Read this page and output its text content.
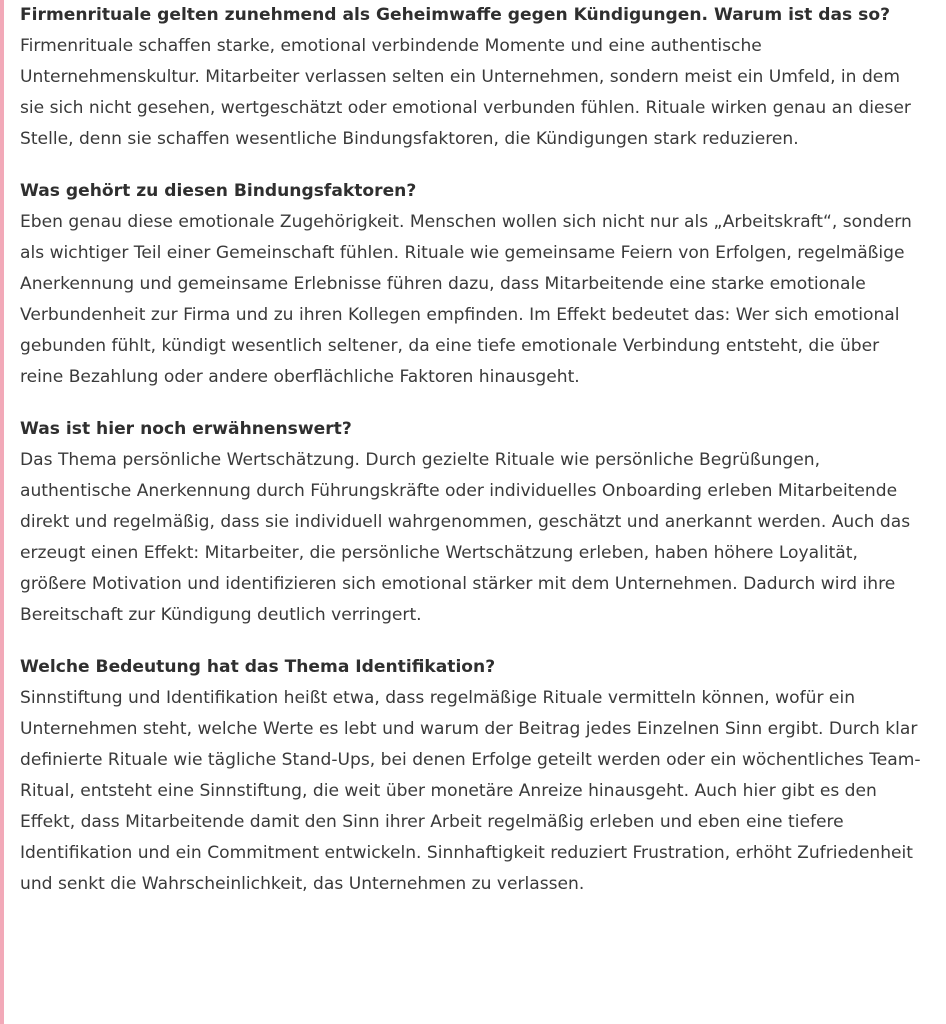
Firmenrituale gelten zunehmend als Geheimwaffe gegen Kündigungen. Warum ist das so?

Firmenrituale schaffen starke, emotional verbindende Momente und eine authentische Unternehmenskultur. Mitarbeiter verlassen selten ein Unternehmen, sondern meist ein Umfeld, in dem sie sich nicht gesehen, wertgeschätzt oder emotional verbunden fühlen. Rituale wirken genau an dieser Stelle, denn sie schaffen wesentliche Bindungsfaktoren, die Kündigungen stark reduzieren.

Was gehört zu diesen Bindungsfaktoren?

Eben genau diese emotionale Zugehörigkeit. Menschen wollen sich nicht nur als „Arbeitskraft“, sondern als wichtiger Teil einer Gemeinschaft fühlen. Rituale wie gemeinsame Feiern von Erfolgen, regelmäßige Anerkennung und gemeinsame Erlebnisse führen dazu, dass Mitarbeitende eine starke emotionale Verbundenheit zur Firma und zu ihren Kollegen empfinden. Im Effekt bedeutet das: Wer sich emotional gebunden fühlt, kündigt wesentlich seltener, da eine tiefe emotionale Verbindung entsteht, die über reine Bezahlung oder andere oberflächliche Faktoren hinausgeht.

Was ist hier noch erwähnenswert?

Das Thema persönliche Wertschätzung. Durch gezielte Rituale wie persönliche Begrüßungen, authentische Anerkennung durch Führungskräfte oder individuelles Onboarding erleben Mitarbeitende direkt und regelmäßig, dass sie individuell wahrgenommen, geschätzt und anerkannt werden. Auch das erzeugt einen Effekt: Mitarbeiter, die persönliche Wertschätzung erleben, haben höhere Loyalität, größere Motivation und identifizieren sich emotional stärker mit dem Unternehmen. Dadurch wird ihre Bereitschaft zur Kündigung deutlich verringert.

Welche Bedeutung hat das Thema Identifikation?

Sinnstiftung und Identifikation heißt etwa, dass regelmäßige Rituale vermitteln können, wofür ein Unternehmen steht, welche Werte es lebt und warum der Beitrag jedes Einzelnen Sinn ergibt. Durch klar definierte Rituale wie tägliche Stand-Ups, bei denen Erfolge geteilt werden oder ein wöchentliches Team-Ritual, entsteht eine Sinnstiftung, die weit über monetäre Anreize hinausgeht. Auch hier gibt es den Effekt, dass Mitarbeitende damit den Sinn ihrer Arbeit regelmäßig erleben und eben eine tiefere Identifikation und ein Commitment entwickeln. Sinnhaftigkeit reduziert Frustration, erhöht Zufriedenheit und senkt die Wahrscheinlichkeit, das Unternehmen zu verlassen.
